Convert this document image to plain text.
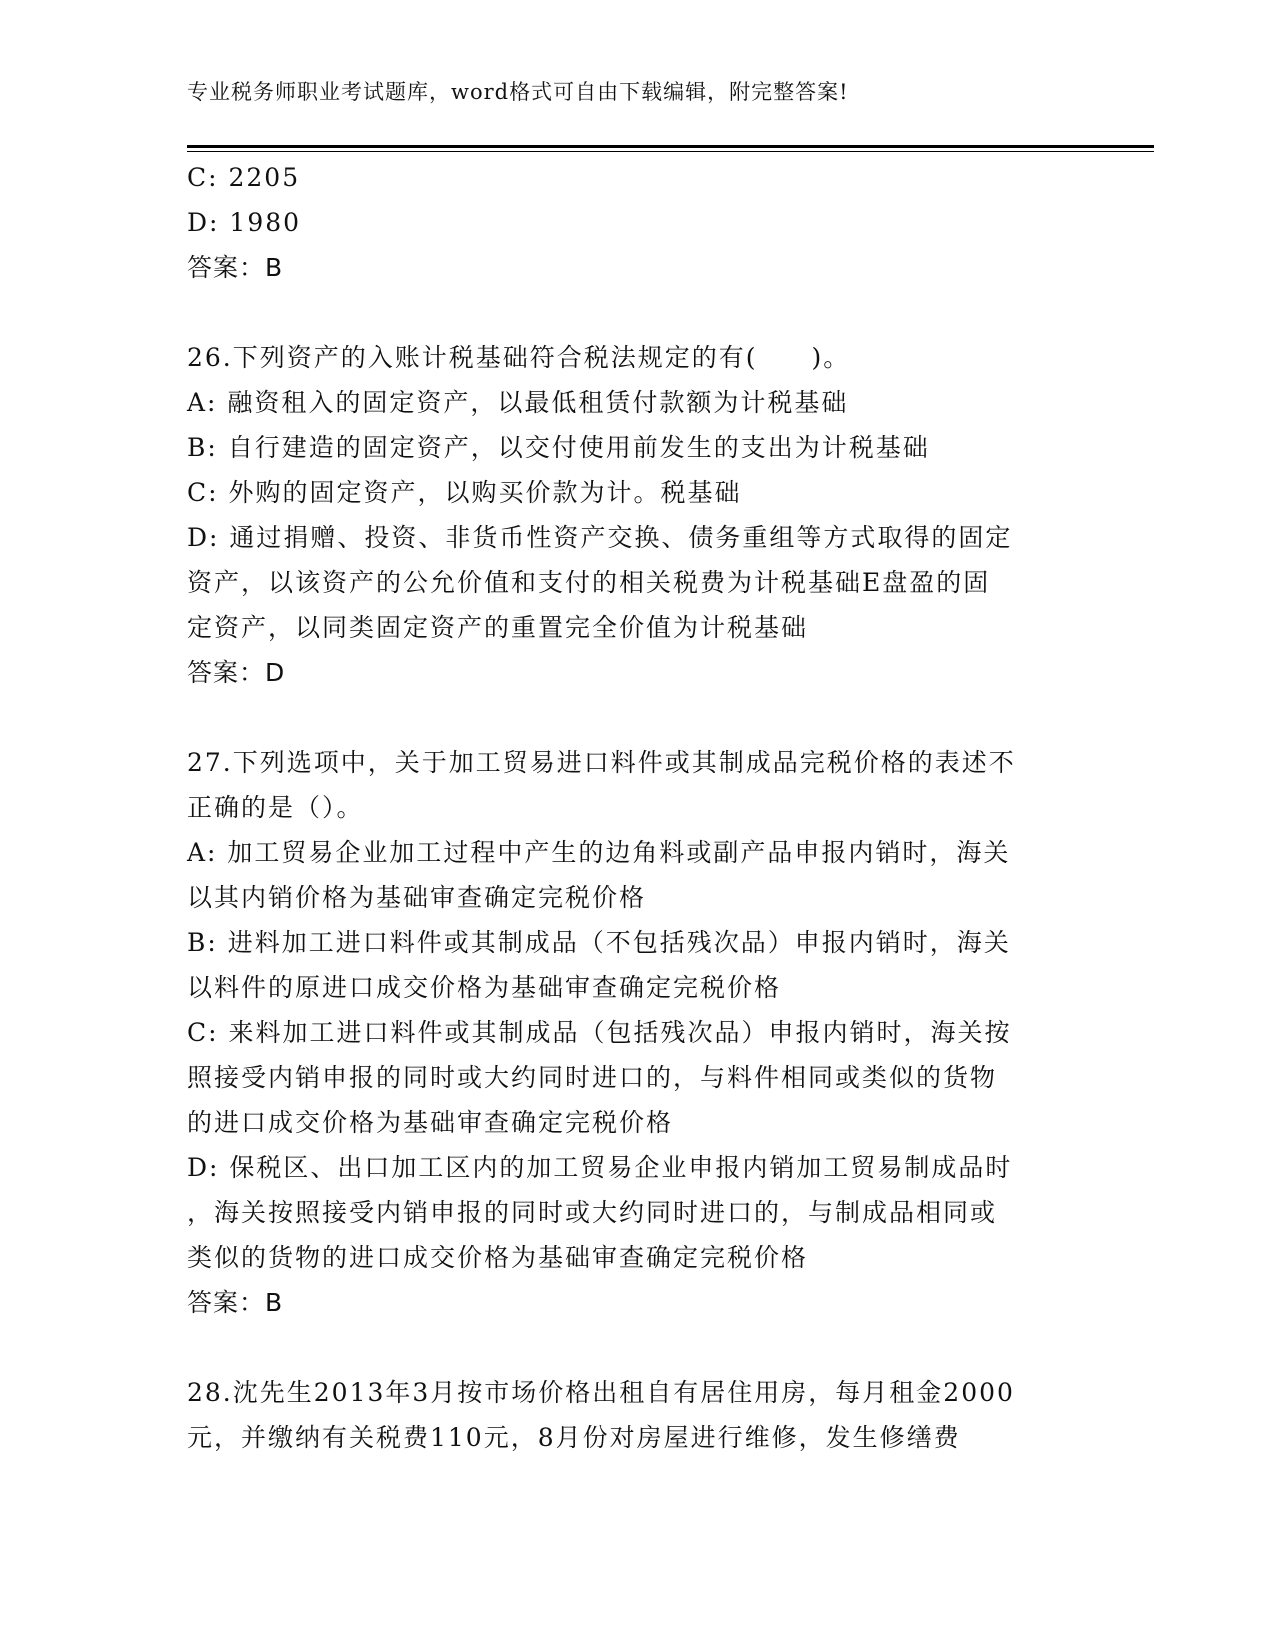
专业税务师职业考试题库，word格式可自由下载编辑，附完整答案!
C: 2205
D: 1980
答案：B
26.下列资产的入账计税基础符合税法规定的有(　　)。
A: 融资租入的固定资产，以最低租赁付款额为计税基础
B: 自行建造的固定资产，以交付使用前发生的支出为计税基础
C: 外购的固定资产，以购买价款为计。税基础
D: 通过捐赠、投资、非货币性资产交换、债务重组等方式取得的固定
资产，以该资产的公允价值和支付的相关税费为计税基础E盘盈的固
定资产，以同类固定资产的重置完全价值为计税基础
答案：D
27.下列选项中，关于加工贸易进口料件或其制成品完税价格的表述不
正确的是（）。
A: 加工贸易企业加工过程中产生的边角料或副产品申报内销时，海关
以其内销价格为基础审查确定完税价格
B: 进料加工进口料件或其制成品（不包括残次品）申报内销时，海关
以料件的原进口成交价格为基础审查确定完税价格
C: 来料加工进口料件或其制成品（包括残次品）申报内销时，海关按
照接受内销申报的同时或大约同时进口的，与料件相同或类似的货物
的进口成交价格为基础审查确定完税价格
D: 保税区、出口加工区内的加工贸易企业申报内销加工贸易制成品时
，海关按照接受内销申报的同时或大约同时进口的，与制成品相同或
类似的货物的进口成交价格为基础审查确定完税价格
答案：B
28.沈先生2013年3月按市场价格出租自有居住用房，每月租金2000
元，并缴纳有关税费110元，8月份对房屋进行维修，发生修缮费
